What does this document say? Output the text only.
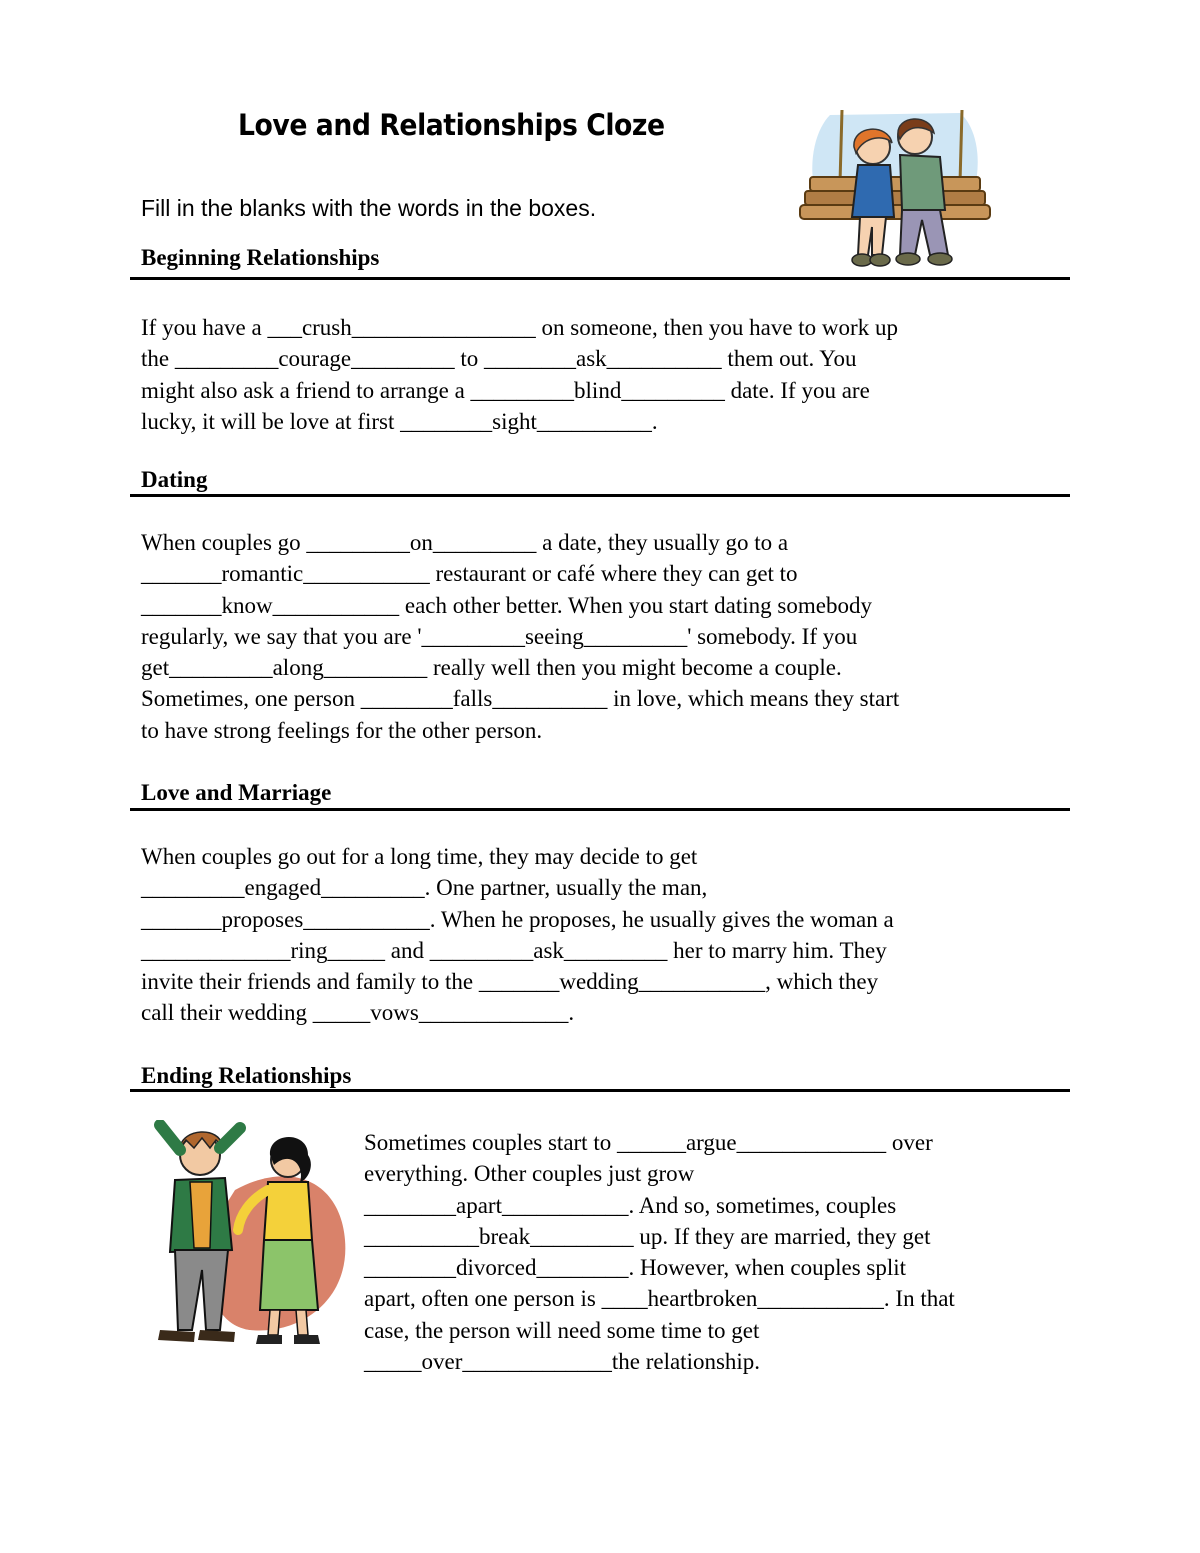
Love and Relationships Cloze
Fill in the blanks with the words in the boxes.
Beginning Relationships

If you have a ___crush________________ on someone, then you have to work up
the _________courage_________ to ________ask__________ them out. You
might also ask a friend to arrange a _________blind_________ date. If you are
lucky, it will be love at first ________sight__________.

Dating

When couples go _________on_________ a date, they usually go to a
_______romantic___________ restaurant or café where they can get to
_______know___________ each other better. When you start dating somebody
regularly, we say that you are '_________seeing_________' somebody. If you
get_________along_________ really well then you might become a couple.
Sometimes, one person ________falls__________ in love, which means they start
to have strong feelings for the other person.

Love and Marriage

When couples go out for a long time, they may decide to get
_________engaged_________. One partner, usually the man,
_______proposes___________. When he proposes, he usually gives the woman a
_____________ring_____ and _________ask_________ her to marry him. They
invite their friends and family to the _______wedding___________, which they
call their wedding _____vows_____________.

Ending Relationships

Sometimes couples start to ______argue_____________ over
everything. Other couples just grow
________apart___________. And so, sometimes, couples
__________break_________ up. If they are married, they get
________divorced________. However, when couples split
apart, often one person is ____heartbroken___________. In that
case, the person will need some time to get
_____over_____________the relationship.
